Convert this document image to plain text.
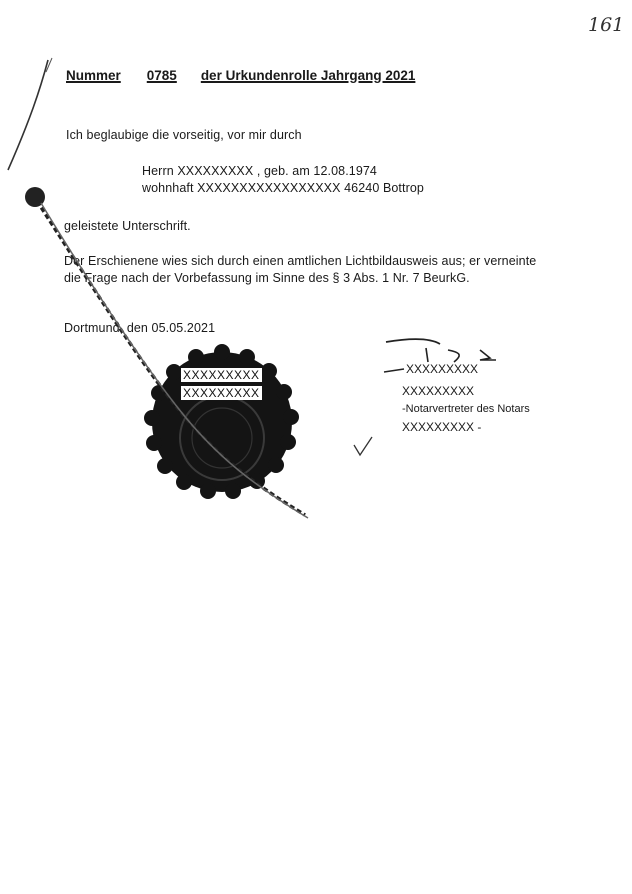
161
Nummer 0785 der Urkundenrolle Jahrgang 2021
Ich beglaubige die vorseitig, vor mir durch
Herrn XXXXXXXXX , geb. am 12.08.1974
wohnhaft XXXXXXXXXXXXXXXXX 46240 Bottrop
geleistete Unterschrift.
Der Erschienene wies sich durch einen amtlichen Lichtbildausweis aus; er verneinte
die Frage nach der Vorbefassung im Sinne des § 3 Abs. 1 Nr. 7 BeurkG.
Dortmund, den 05.05.2021
XXXXXXXXX
XXXXXXXXX
XXXXXXXXX
XXXXXXXXX
-Notarvertreter des Notars
XXXXXXXXX -
